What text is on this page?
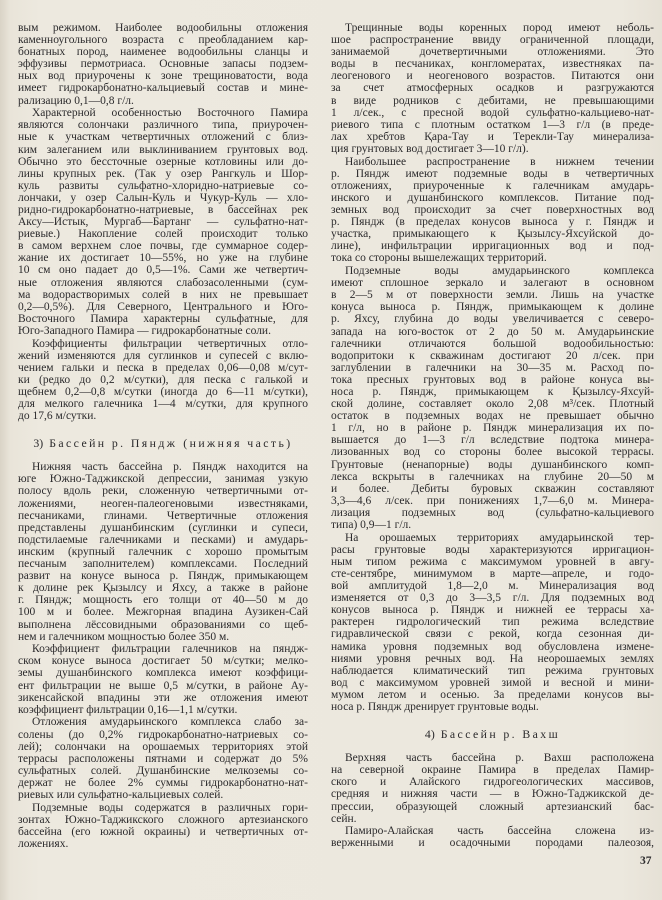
вым режимом. Наиболее водообильны отложения
каменноугольного возраста с преобладанием кар-
бонатных пород, наименее водообильны сланцы и
эффузивы пермотриаса. Основные запасы подзем-
ных вод приурочены к зоне трещиноватости, вода
имеет гидрокарбонатно-кальциевый состав и мине-
рализацию 0,1—0,8 г/л.
Характерной особенностью Восточного Памира
являются солончаки различного типа, приурочен-
ные к участкам четвертичных отложений с близ-
ким залеганием или выклиниванием грунтовых вод.
Обычно это бессточные озерные котловины или до-
лины крупных рек. (Так у озер Рангкуль и Шор-
куль развиты сульфатно-хлоридно-натриевые со-
лончаки, у озер Салын-Куль и Чукур-Куль — хло-
ридно-гидрокарбонатно-натриевые, в бассейнах рек
Аксу—Истык, Мургаб—Бартанг — сульфатно-нат-
риевые.) Накопление солей происходит только
в самом верхнем слое почвы, где суммарное содер-
жание их достигает 10—55%, но уже на глубине
10 см оно падает до 0,5—1%. Сами же четвертич-
ные отложения являются слабозасоленными (сум-
ма водорастворимых солей в них не превышает
0,2—0,5%). Для Северного, Центрального и Юго-
Восточного Памира характерны сульфатные, для
Юго-Западного Памира — гидрокарбонатные соли.
Коэффициенты фильтрации четвертичных отло-
жений изменяются для суглинков и супесей с вклю-
чением гальки и песка в пределах 0,06—0,08 м/сут-
ки (редко до 0,2 м/сутки), для песка с галькой и
щебнем 0,2—0,8 м/сутки (иногда до 6—11 м/сутки),
для мелкого галечника 1—4 м/сутки, для крупного
до 17,6 м/сутки.
3) Бассейн р. Пяндж (нижняя часть)
Нижняя часть бассейна р. Пяндж находится на
юге Южно-Таджикской депрессии, занимая узкую
полосу вдоль реки, сложенную четвертичными от-
ложениями, неоген-палеогеновыми известняками,
песчаниками, глинами. Четвертичные отложения
представлены душанбинским (суглинки и супеси,
подстилаемые галечниками и песками) и амударь-
инским (крупный галечник с хорошо промытым
песчаным заполнителем) комплексами. Последний
развит на конусе выноса р. Пяндж, примыкающем
к долине рек Қызылсу и Яхсу, а также в районе
г. Пяндж; мощность его толщи от 40—50 м до
100 м и более. Межгорная впадина Аузикен-Сай
выполнена лёссовидными образованиями со щеб-
нем и галечником мощностью более 350 м.
Коэффициент фильтрации галечников на пяндж-
ском конусе выноса достигает 50 м/сутки; мелко-
земы душанбинского комплекса имеют коэффици-
ент фильтрации не выше 0,5 м/сутки, в районе Ау-
зикенсайской впадины эти же отложения имеют
коэффициент фильтрации 0,16—1,1 м/сутки.
Отложения амударьинского комплекса слабо за-
солены (до 0,2% гидрокарбонатно-натриевых со-
лей); солончаки на орошаемых территориях этой
террасы расположены пятнами и содержат до 5%
сульфатных солей. Душанбинские мелкоземы со-
держат не более 2% суммы гидрокарбонатно-нат-
риевых или сульфатно-кальциевых солей.
Подземные воды содержатся в различных гори-
зонтах Южно-Таджикского сложного артезианского
бассейна (его южной окраины) и четвертичных от-
ложениях.
Трещинные воды коренных пород имеют неболь-
шое распространение ввиду ограниченной площади,
занимаемой дочетвертичными отложениями. Это
воды в песчаниках, конгломератах, известняках па-
леогенового и неогенового возрастов. Питаются они
за счет атмосферных осадков и разгружаются
в виде родников с дебитами, не превышающими
1 л/сек., с пресной водой сульфатно-кальциево-нат-
риевого типа с плотным остатком 1—3 г/л (в преде-
лах хребтов Қара-Тау и Терекли-Тау минерализа-
ция грунтовых вод достигает 3—10 г/л).
Наибольшее распространение в нижнем течении
р. Пяндж имеют подземные воды в четвертичных
отложениях, приуроченные к галечникам амударь-
инского и душанбинского комплексов. Питание под-
земных вод происходит за счет поверхностных вод
р. Пяндж (в пределах конусов выноса у г. Пяндж и
участка, примыкающего к Қызылсу-Яхсуйской до-
лине), инфильтрации ирригационных вод и под-
тока со стороны вышележащих территорий.
Подземные воды амударьинского комплекса
имеют сплошное зеркало и залегают в основном
в 2—5 м от поверхности земли. Лишь на участке
конуса выноса р. Пяндж, примыкающем к долине
р. Яхсу, глубина до воды увеличивается с северо-
запада на юго-восток от 2 до 50 м. Амударьинские
галечники отличаются большой водообильностью:
водопритоки к скважинам достигают 20 л/сек. при
заглублении в галечники на 30—35 м. Расход по-
тока пресных грунтовых вод в районе конуса вы-
носа р. Пяндж, примыкающем к Қызылсу-Яхсуй-
ской долине, составляет около 2,08 м³/сек. Плотный
остаток в подземных водах не превышает обычно
1 г/л, но в районе р. Пяндж минерализация их по-
вышается до 1—3 г/л вследствие подтока минера-
лизованных вод со стороны более высокой террасы.
Грунтовые (ненапорные) воды душанбинского комп-
лекса вскрыты в галечниках на глубине 20—50 м
и более. Дебиты буровых скважин составляют
3,3—4,6 л/сек. при понижениях 1,7—6,0 м. Минера-
лизация подземных вод (сульфатно-кальциевого
типа) 0,9—1 г/л.
На орошаемых территориях амударьинской тер-
расы грунтовые воды характеризуются ирригацион-
ным типом режима с максимумом уровней в авгу-
сте-сентябре, минимумом в марте—апреле, и годо-
вой амплитудой 1,8—2,0 м. Минерализация вод
изменяется от 0,3 до 3—3,5 г/л. Для подземных вод
конусов выноса р. Пяндж и нижней ее террасы ха-
рактерен гидрологический тип режима вследствие
гидравлической связи с рекой, когда сезонная ди-
намика уровня подземных вод обусловлена измене-
ниями уровня речных вод. На неорошаемых землях
наблюдается климатический тип режима грунтовых
вод с максимумом уровней зимой и весной и мини-
мумом летом и осенью. За пределами конусов вы-
носа р. Пяндж дренирует грунтовые воды.
4) Бассейн р. Вахш
Верхняя часть бассейна р. Вахш расположена
на северной окраине Памира в пределах Памир-
ского и Алайского гидрогеологических массивов,
средняя и нижняя части — в Южно-Таджикской де-
прессии, образующей сложный артезианский бас-
сейн.
Памиро-Алайская часть бассейна сложена из-
верженными и осадочными породами палеозоя,
37
